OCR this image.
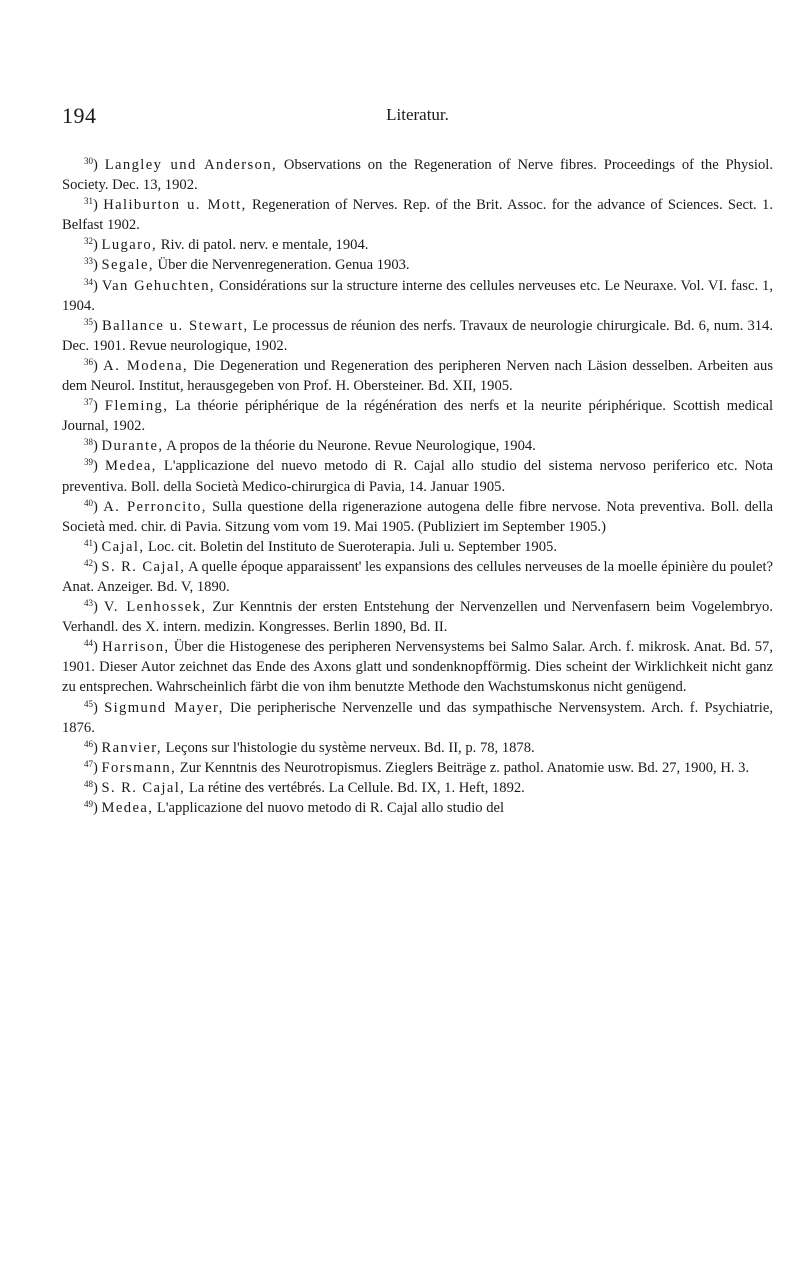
194	Literatur.

$^{30}$) Langley und Anderson, Observations on the Regeneration of Nerve fibres. Proceedings of the Physiol. Society. Dec. 13, 1902.

$^{31}$) Haliburton u. Mott, Regeneration of Nerves. Rep. of the Brit. Assoc. for the advance of Sciences. Sect. 1. Belfast 1902.

$^{32}$) Lugaro, Riv. di patol. nerv. e mentale, 1904.

$^{33}$) Segale, Über die Nervenregeneration. Genua 1903.

$^{34}$) Van Gehuchten, Considérations sur la structure interne des cellules nerveuses etc. Le Neuraxe. Vol. VI. fasc. 1, 1904.

$^{35}$) Ballance u. Stewart, Le processus de réunion des nerfs. Travaux de neurologie chirurgicale. Bd. 6, num. 314. Dec. 1901. Revue neurologique, 1902.

$^{36}$) A. Modena, Die Degeneration und Regeneration des peripheren Nerven nach Läsion desselben. Arbeiten aus dem Neurol. Institut, herausgegeben von Prof. H. Obersteiner. Bd. XII, 1905.

$^{37}$) Fleming, La théorie périphérique de la régénération des nerfs et la neurite périphérique. Scottish medical Journal, 1902.

$^{38}$) Durante, A propos de la théorie du Neurone. Revue Neurologique, 1904.

$^{39}$) Medea, L'applicazione del nuevo metodo di R. Cajal allo studio del sistema nervoso periferico etc. Nota preventiva. Boll. della Società Medico-chirurgica di Pavia, 14. Januar 1905.

$^{40}$) A. Perroncito, Sulla questione della rigenerazione autogena delle fibre nervose. Nota preventiva. Boll. della Società med. chir. di Pavia. Sitzung vom vom 19. Mai 1905. (Publiziert im September 1905.)

$^{41}$) Cajal, Loc. cit. Boletin del Instituto de Sueroterapia. Juli u. September 1905.

$^{42}$) S. R. Cajal, A quelle époque apparaissent' les expansions des cellules nerveuses de la moelle épinière du poulet? Anat. Anzeiger. Bd. V, 1890.

$^{43}$) V. Lenhossek, Zur Kenntnis der ersten Entstehung der Nervenzellen und Nervenfasern beim Vogelembryo. Verhandl. des X. intern. medizin. Kongresses. Berlin 1890, Bd. II.

$^{44}$) Harrison, Über die Histogenese des peripheren Nervensystems bei Salmo Salar. Arch. f. mikrosk. Anat. Bd. 57, 1901. Dieser Autor zeichnet das Ende des Axons glatt und sondenknopfförmig. Dies scheint der Wirklichkeit nicht ganz zu entsprechen. Wahrscheinlich färbt die von ihm benutzte Methode den Wachstumskonus nicht genügend.

$^{45}$) Sigmund Mayer, Die peripherische Nervenzelle und das sympathische Nervensystem. Arch. f. Psychiatrie, 1876.

$^{46}$) Ranvier, Leçons sur l'histologie du système nerveux. Bd. II, p. 78, 1878.

$^{47}$) Forsmann, Zur Kenntnis des Neurotropismus. Zieglers Beiträge z. pathol. Anatomie usw. Bd. 27, 1900, H. 3.

$^{48}$) S. R. Cajal, La rétine des vertébrés. La Cellule. Bd. IX, 1. Heft, 1892.

$^{49}$) Medea, L'applicazione del nuovo metodo di R. Cajal allo studio del
